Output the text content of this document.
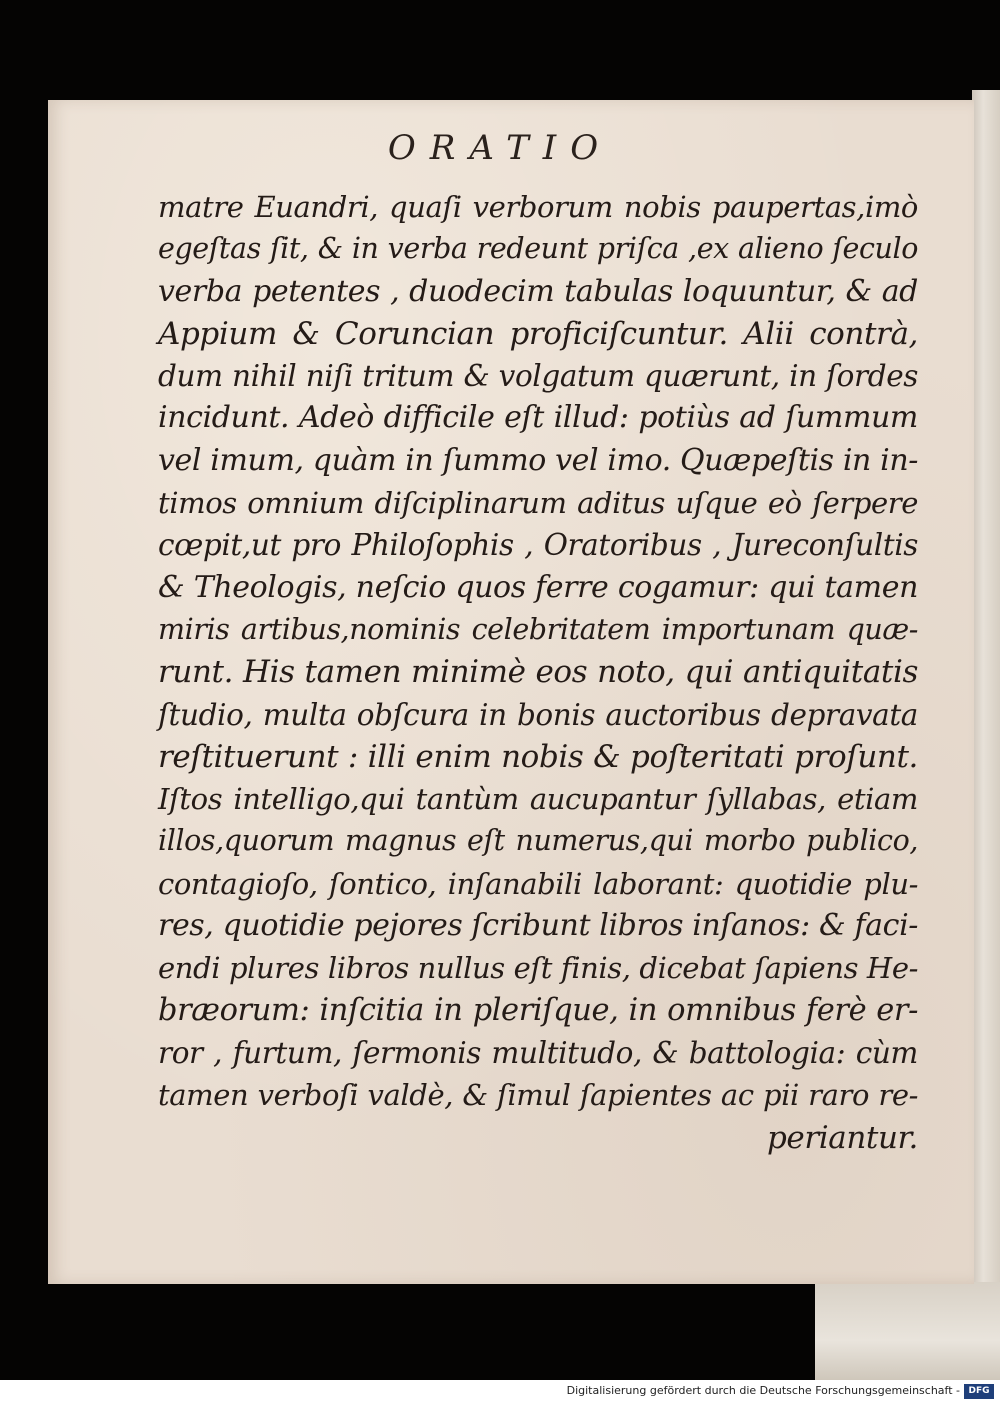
ORATIO
matre Euandri, quaſi verborum nobis paupertas,imò
egeſtas ſit, & in verba redeunt priſca ,ex alieno ſeculo
verba petentes , duodecim tabulas loquuntur, & ad
Appium & Coruncian proficiſcuntur. Alii contrà,
dum nihil niſi tritum & volgatum quærunt, in ſordes
incidunt. Adeò difficile eſt illud: potiùs ad ſummum
vel imum, quàm in ſummo vel imo. Quæpeſtis in in-
timos omnium diſciplinarum aditus uſque eò ſerpere
cœpit,ut pro Philoſophis , Oratoribus , Jureconſultis
& Theologis, neſcio quos ferre cogamur: qui tamen
miris artibus,nominis celebritatem importunam quæ-
runt. His tamen minimè eos noto, qui antiquitatis
ſtudio, multa obſcura in bonis auctoribus depravata
reſtituerunt : illi enim nobis & poſteritati proſunt.
Iſtos intelligo,qui tantùm aucupantur ſyllabas, etiam
illos,quorum magnus eſt numerus,qui morbo publico,
contagioſo, ſontico, inſanabili laborant: quotidie plu-
res, quotidie pejores ſcribunt libros inſanos: & faci-
endi plures libros nullus eſt finis, dicebat ſapiens He-
bræorum: inſcitia in pleriſque, in omnibus ferè er-
ror , furtum, ſermonis multitudo, & battologia: cùm
tamen verboſi valdè, & ſimul ſapientes ac pii raro re-
periantur.
Digitalisierung gefördert durch die Deutsche Forschungsgemeinschaft - DFG
